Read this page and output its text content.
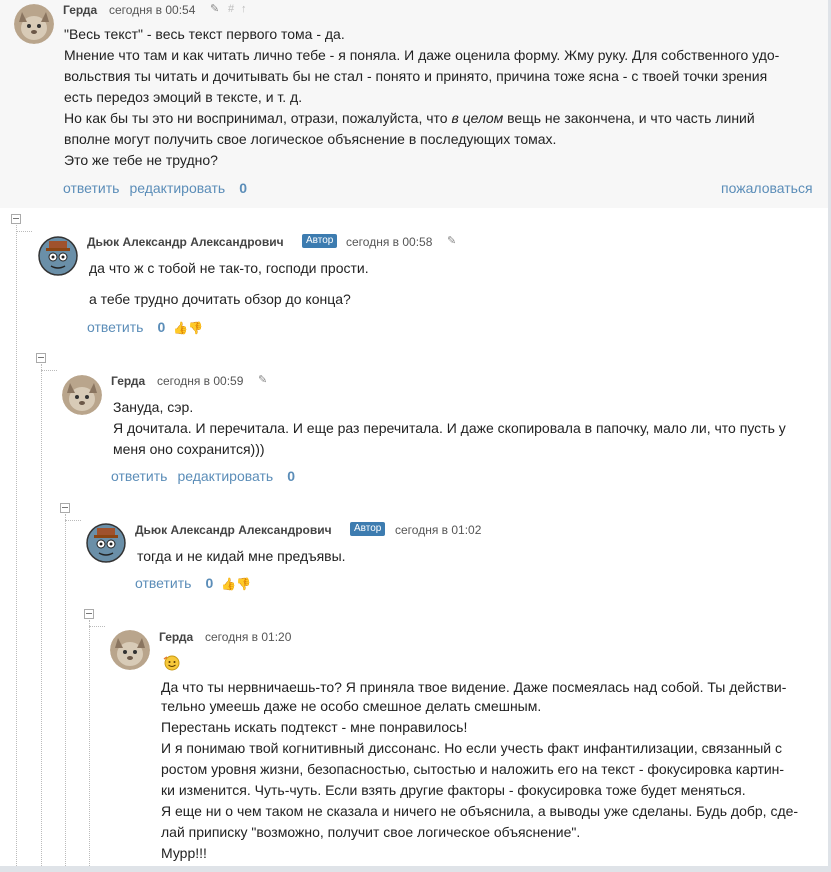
Герда сегодня в 00:54 ✎ # ↑
"Весь текст" - весь текст первого тома - да.
Мнение что там и как читать лично тебе - я поняла. И даже оценила форму. Жму руку. Для собственного удо-
вольствия ты читать и дочитывать бы не стал - понято и принято, причина тоже ясна - с твоей точки зрения
есть передоз эмоций в тексте, и т. д.
Но как бы ты это ни воспринимал, отрази, пожалуйста, что в целом вещь не закончена, и что часть линий
вполне могут получить свое логическое объяснение в последующих томах.
Это же тебе не трудно?
ответить редактировать 0	пожаловаться
Дьюк Александр Александрович	Автор	сегодня в 00:58 ✎
да что ж с тобой не так-то, господи прости.
а тебе трудно дочитать обзор до конца?
ответить 0 👍👎
Герда сегодня в 00:59 ✎
Зануда, сэр.
Я дочитала. И перечитала. И еще раз перечитала. И даже скопировала в папочку, мало ли, что пусть у
меня оно сохранится)))
ответить редактировать 0
Дьюк Александр Александрович	Автор	сегодня в 01:02
тогда и не кидай мне предъявы.
ответить 0 👍👎
Герда сегодня в 01:20
Да что ты нервничаешь-то? Я приняла твое видение. Даже посмеялась над собой. Ты действи-
тельно умеешь даже не особо смешное делать смешным.
Перестань искать подтекст - мне понравилось!
И я понимаю твой когнитивный диссонанс. Но если учесть факт инфантилизации, связанный с
ростом уровня жизни, безопасностью, сытостью и наложить его на текст - фокусировка картин-
ки изменится. Чуть-чуть. Если взять другие факторы - фокусировка тоже будет меняться.
Я еще ни о чем таком не сказала и ничего не объяснила, а выводы уже сделаны. Будь добр, сде-
лай приписку "возможно, получит свое логическое объяснение".
Мурр!!!
